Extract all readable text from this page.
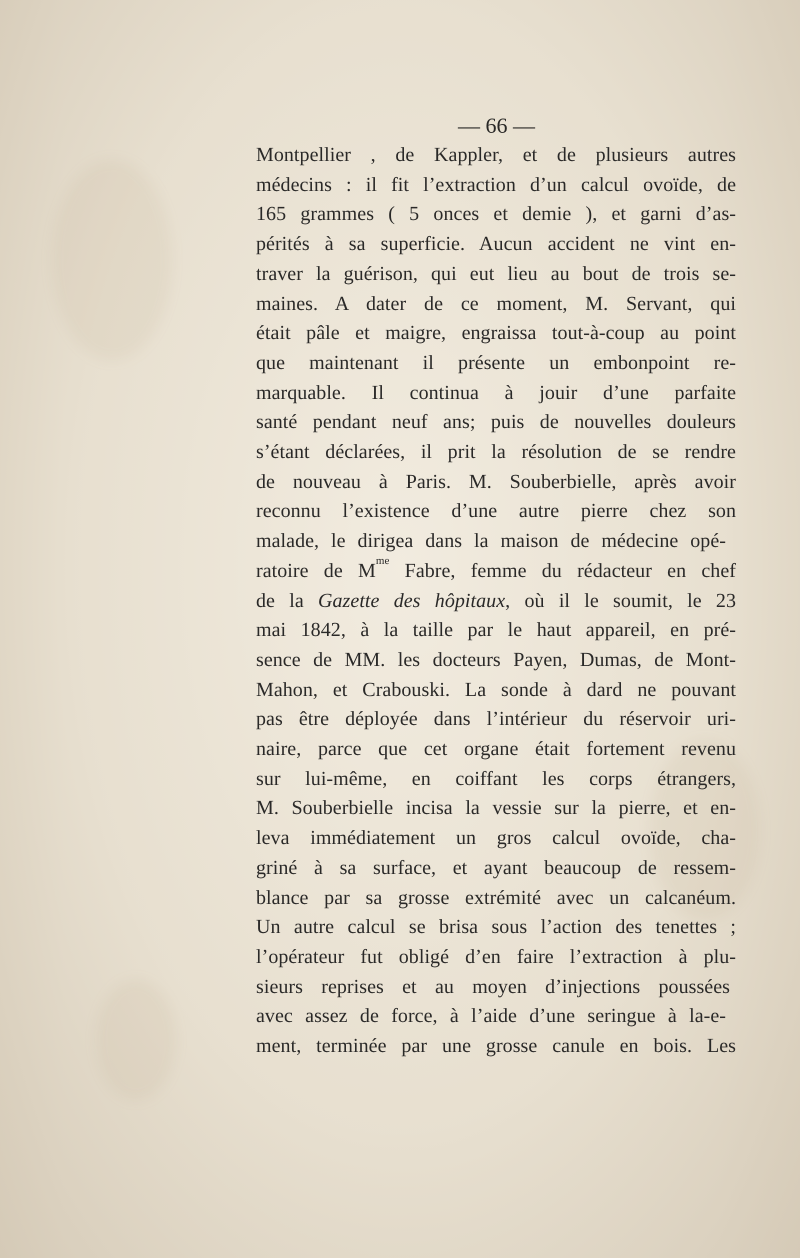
— 66 —
Montpellier , de Kappler, et de plusieurs autres
médecins : il fit l’extraction d’un calcul ovoïde, de
165 grammes ( 5 onces et demie ), et garni d’as-
pérités à sa superficie. Aucun accident ne vint en-
traver la guérison, qui eut lieu au bout de trois se-
maines. A dater de ce moment, M. Servant, qui
était pâle et maigre, engraissa tout-à-coup au point
que maintenant il présente un embonpoint re-
marquable. Il continua à jouir d’une parfaite
santé pendant neuf ans; puis de nouvelles douleurs
s’étant déclarées, il prit la résolution de se rendre
de nouveau à Paris. M. Souberbielle, après avoir
reconnu l’existence d’une autre pierre chez son
malade, le dirigea dans la maison de médecine opé-
ratoire de $M^{me}$ Fabre, femme du rédacteur en chef
de la Gazette des hôpitaux, où il le soumit, le 23
mai 1842, à la taille par le haut appareil, en pré-
sence de MM. les docteurs Payen, Dumas, de Mont-
Mahon, et Crabouski. La sonde à dard ne pouvant
pas être déployée dans l’intérieur du réservoir uri-
naire, parce que cet organe était fortement revenu
sur lui-même, en coiffant les corps étrangers,
M. Souberbielle incisa la vessie sur la pierre, et en-
leva immédiatement un gros calcul ovoïde, cha-
griné à sa surface, et ayant beaucoup de ressem-
blance par sa grosse extrémité avec un calcanéum.
Un autre calcul se brisa sous l’action des tenettes ;
l’opérateur fut obligé d’en faire l’extraction à plu-
sieurs reprises et au moyen d’injections poussées
avec assez de force, à l’aide d’une seringue à la-e-
ment, terminée par une grosse canule en bois. Les
